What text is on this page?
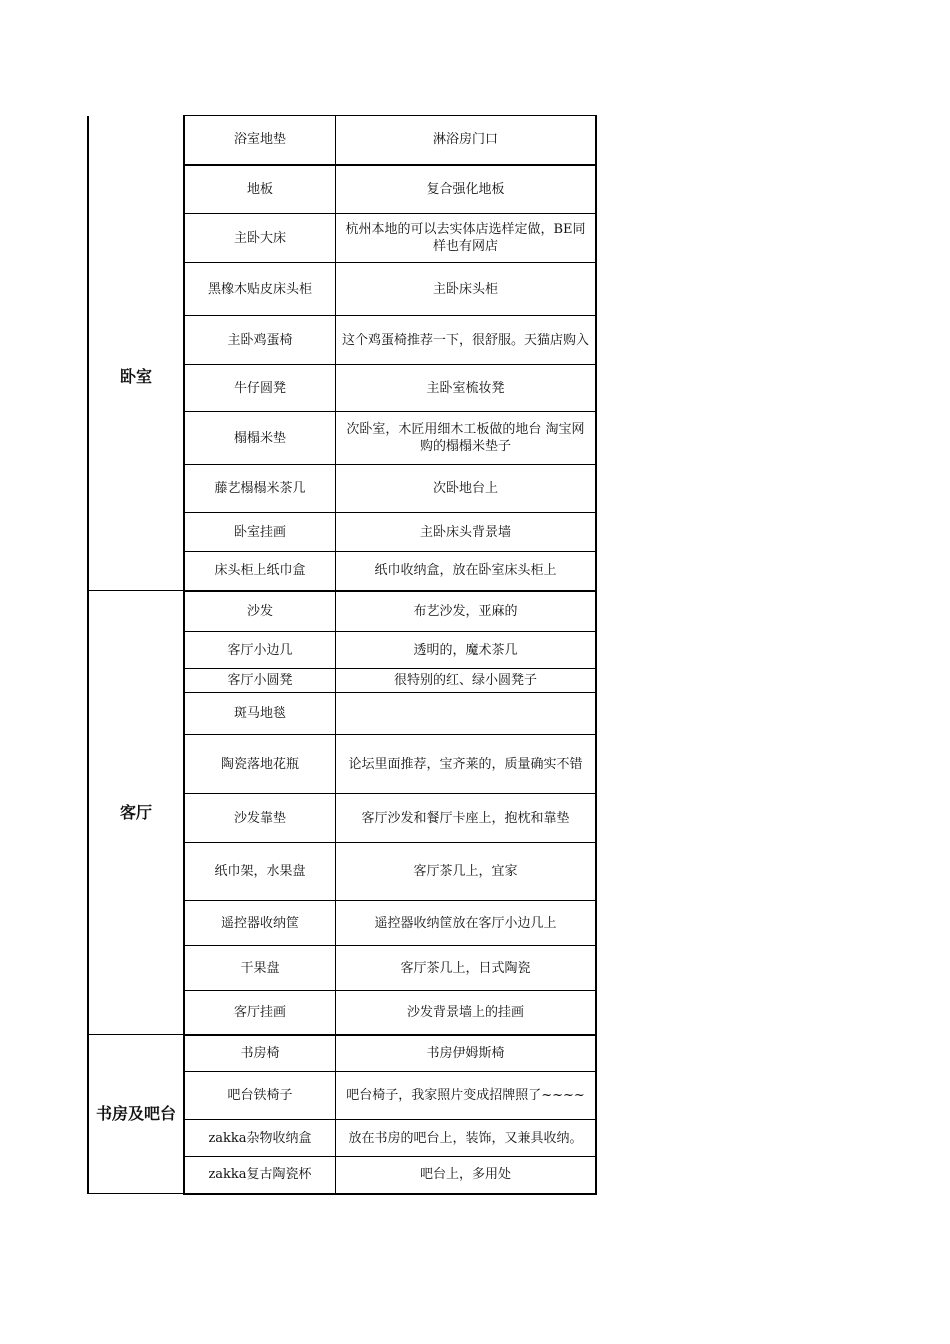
	浴室地垫	淋浴房门口
卧室	地板	复合强化地板
	主卧大床	杭州本地的可以去实体店选样定做，BE同样也有网店
	黑橡木贴皮床头柜	主卧床头柜
	主卧鸡蛋椅	这个鸡蛋椅推荐一下，很舒服。天猫店购入
	牛仔圆凳	主卧室梳妆凳
	榻榻米垫	次卧室，木匠用细木工板做的地台 淘宝网购的榻榻米垫子
	藤艺榻榻米茶几	次卧地台上
	卧室挂画	主卧床头背景墙
	床头柜上纸巾盒	纸巾收纳盒，放在卧室床头柜上
客厅	沙发	布艺沙发，亚麻的
	客厅小边几	透明的，魔术茶几
	客厅小圆凳	很特别的红、绿小圆凳子
	斑马地毯	
	陶瓷落地花瓶	论坛里面推荐，宝齐莱的，质量确实不错
	沙发靠垫	客厅沙发和餐厅卡座上，抱枕和靠垫
	纸巾架，水果盘	客厅茶几上，宜家
	遥控器收纳筐	遥控器收纳筐放在客厅小边几上
	干果盘	客厅茶几上，日式陶瓷
	客厅挂画	沙发背景墙上的挂画
书房及吧台	书房椅	书房伊姆斯椅
	吧台铁椅子	吧台椅子，我家照片变成招牌照了~~~~
	zakka杂物收纳盒	放在书房的吧台上，装饰，又兼具收纳。
	zakka复古陶瓷杯	吧台上，多用处
